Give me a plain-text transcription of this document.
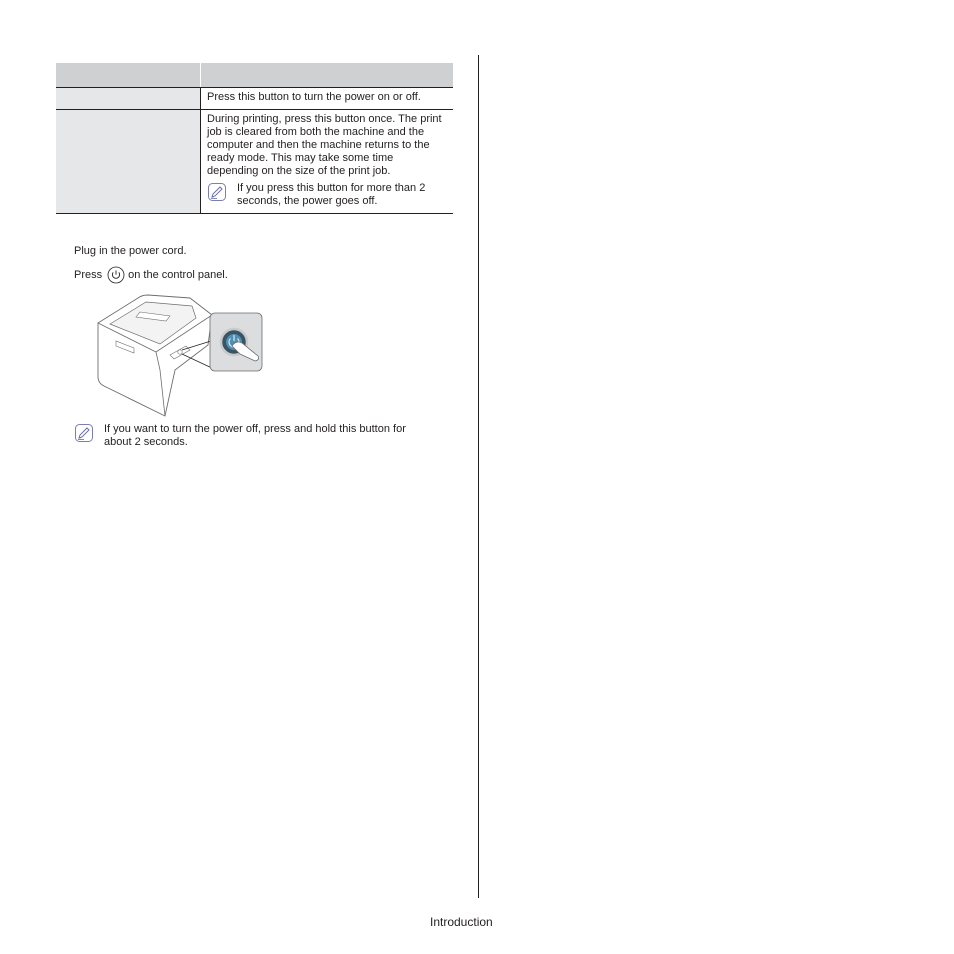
	Press this button to turn the power on or off.

	During printing, press this button once. The print job is cleared from both the machine and the computer and then the machine returns to the ready mode. This may take some time depending on the size of the print job.
If you press this button for more than 2 seconds, the power goes off.
Plug in the power cord.
Press on the control panel.
If you want to turn the power off, press and hold this button for about 2 seconds.
Introduction
